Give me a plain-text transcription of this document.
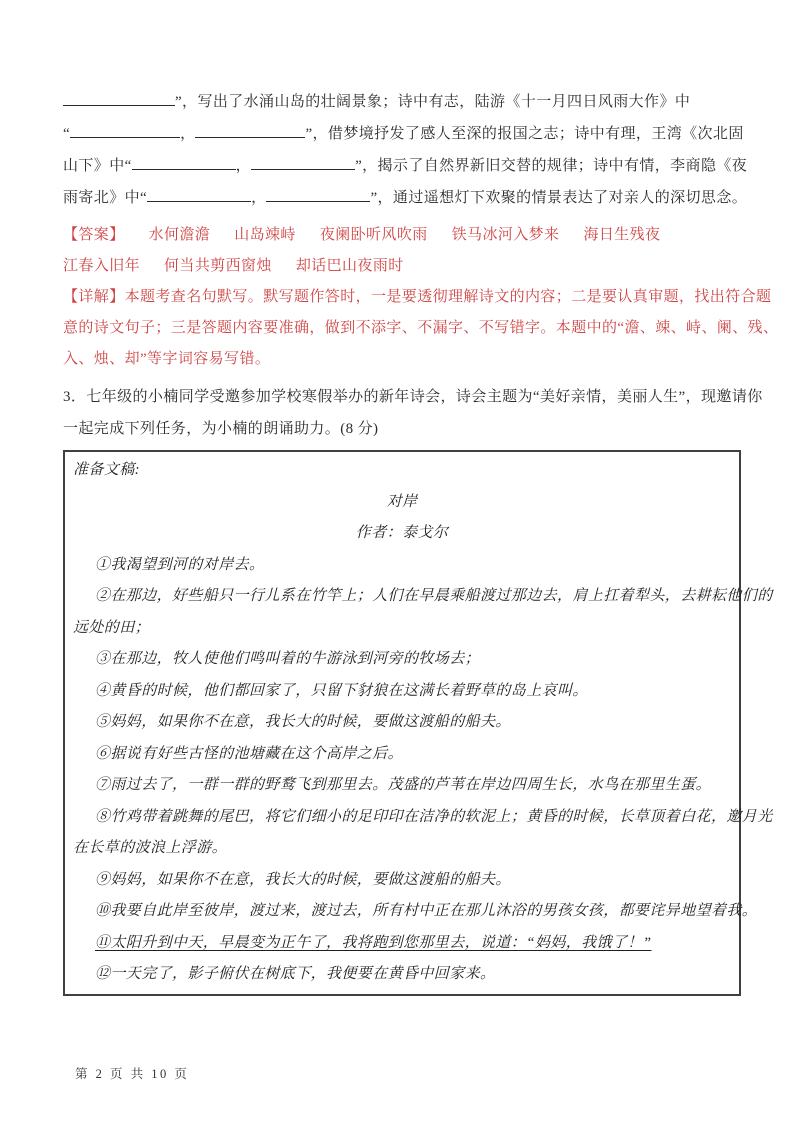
”，写出了水涌山岛的壮阔景象；诗中有志，陆游《十一月四日风雨大作》中
“	，	”，借梦境抒发了感人至深的报国之志；诗中有理，王湾《次北固
山下》中“	，	”，揭示了自然界新旧交替的规律；诗中有情，李商隐《夜
雨寄北》中“	，	”，通过遥想灯下欢聚的情景表达了对亲人的深切思念。
【答案】 水何澹澹 山岛竦峙 夜阑卧听风吹雨 铁马冰河入梦来 海日生残夜
江春入旧年 何当共剪西窗烛 却话巴山夜雨时
【详解】本题考查名句默写。默写题作答时，一是要透彻理解诗文的内容；二是要认真审题，找出符合题
意的诗文句子；三是答题内容要准确，做到不添字、不漏字、不写错字。本题中的“澹、竦、峙、阑、残、
入、烛、却”等字词容易写错。
3．七年级的小楠同学受邀参加学校寒假举办的新年诗会，诗会主题为“美好亲情，美丽人生”，现邀请你
一起完成下列任务，为小楠的朗诵助力。(8 分)
准备文稿:
对岸
作者：泰戈尔
①我渴望到河的对岸去。
②在那边，好些船只一行儿系在竹竿上；人们在早晨乘船渡过那边去，肩上扛着犁头，去耕耘他们的
远处的田；
③在那边，牧人使他们鸣叫着的牛游泳到河旁的牧场去；
④黄昏的时候，他们都回家了，只留下豺狼在这满长着野草的岛上哀叫。
⑤妈妈，如果你不在意，我长大的时候，要做这渡船的船夫。
⑥据说有好些古怪的池塘藏在这个高岸之后。
⑦雨过去了，一群一群的野鹜飞到那里去。茂盛的芦苇在岸边四周生长，水鸟在那里生蛋。
⑧竹鸡带着跳舞的尾巴，将它们细小的足印印在洁净的软泥上；黄昏的时候，长草顶着白花，邀月光
在长草的波浪上浮游。
⑨妈妈，如果你不在意，我长大的时候，要做这渡船的船夫。
⑩我要自此岸至彼岸，渡过来，渡过去，所有村中正在那儿沐浴的男孩女孩，都要诧异地望着我。
⑪太阳升到中天，早晨变为正午了，我将跑到您那里去，说道：“妈妈，我饿了！”
⑫一天完了，影子俯伏在树底下，我便要在黄昏中回家来。
第 2 页 共 10 页
